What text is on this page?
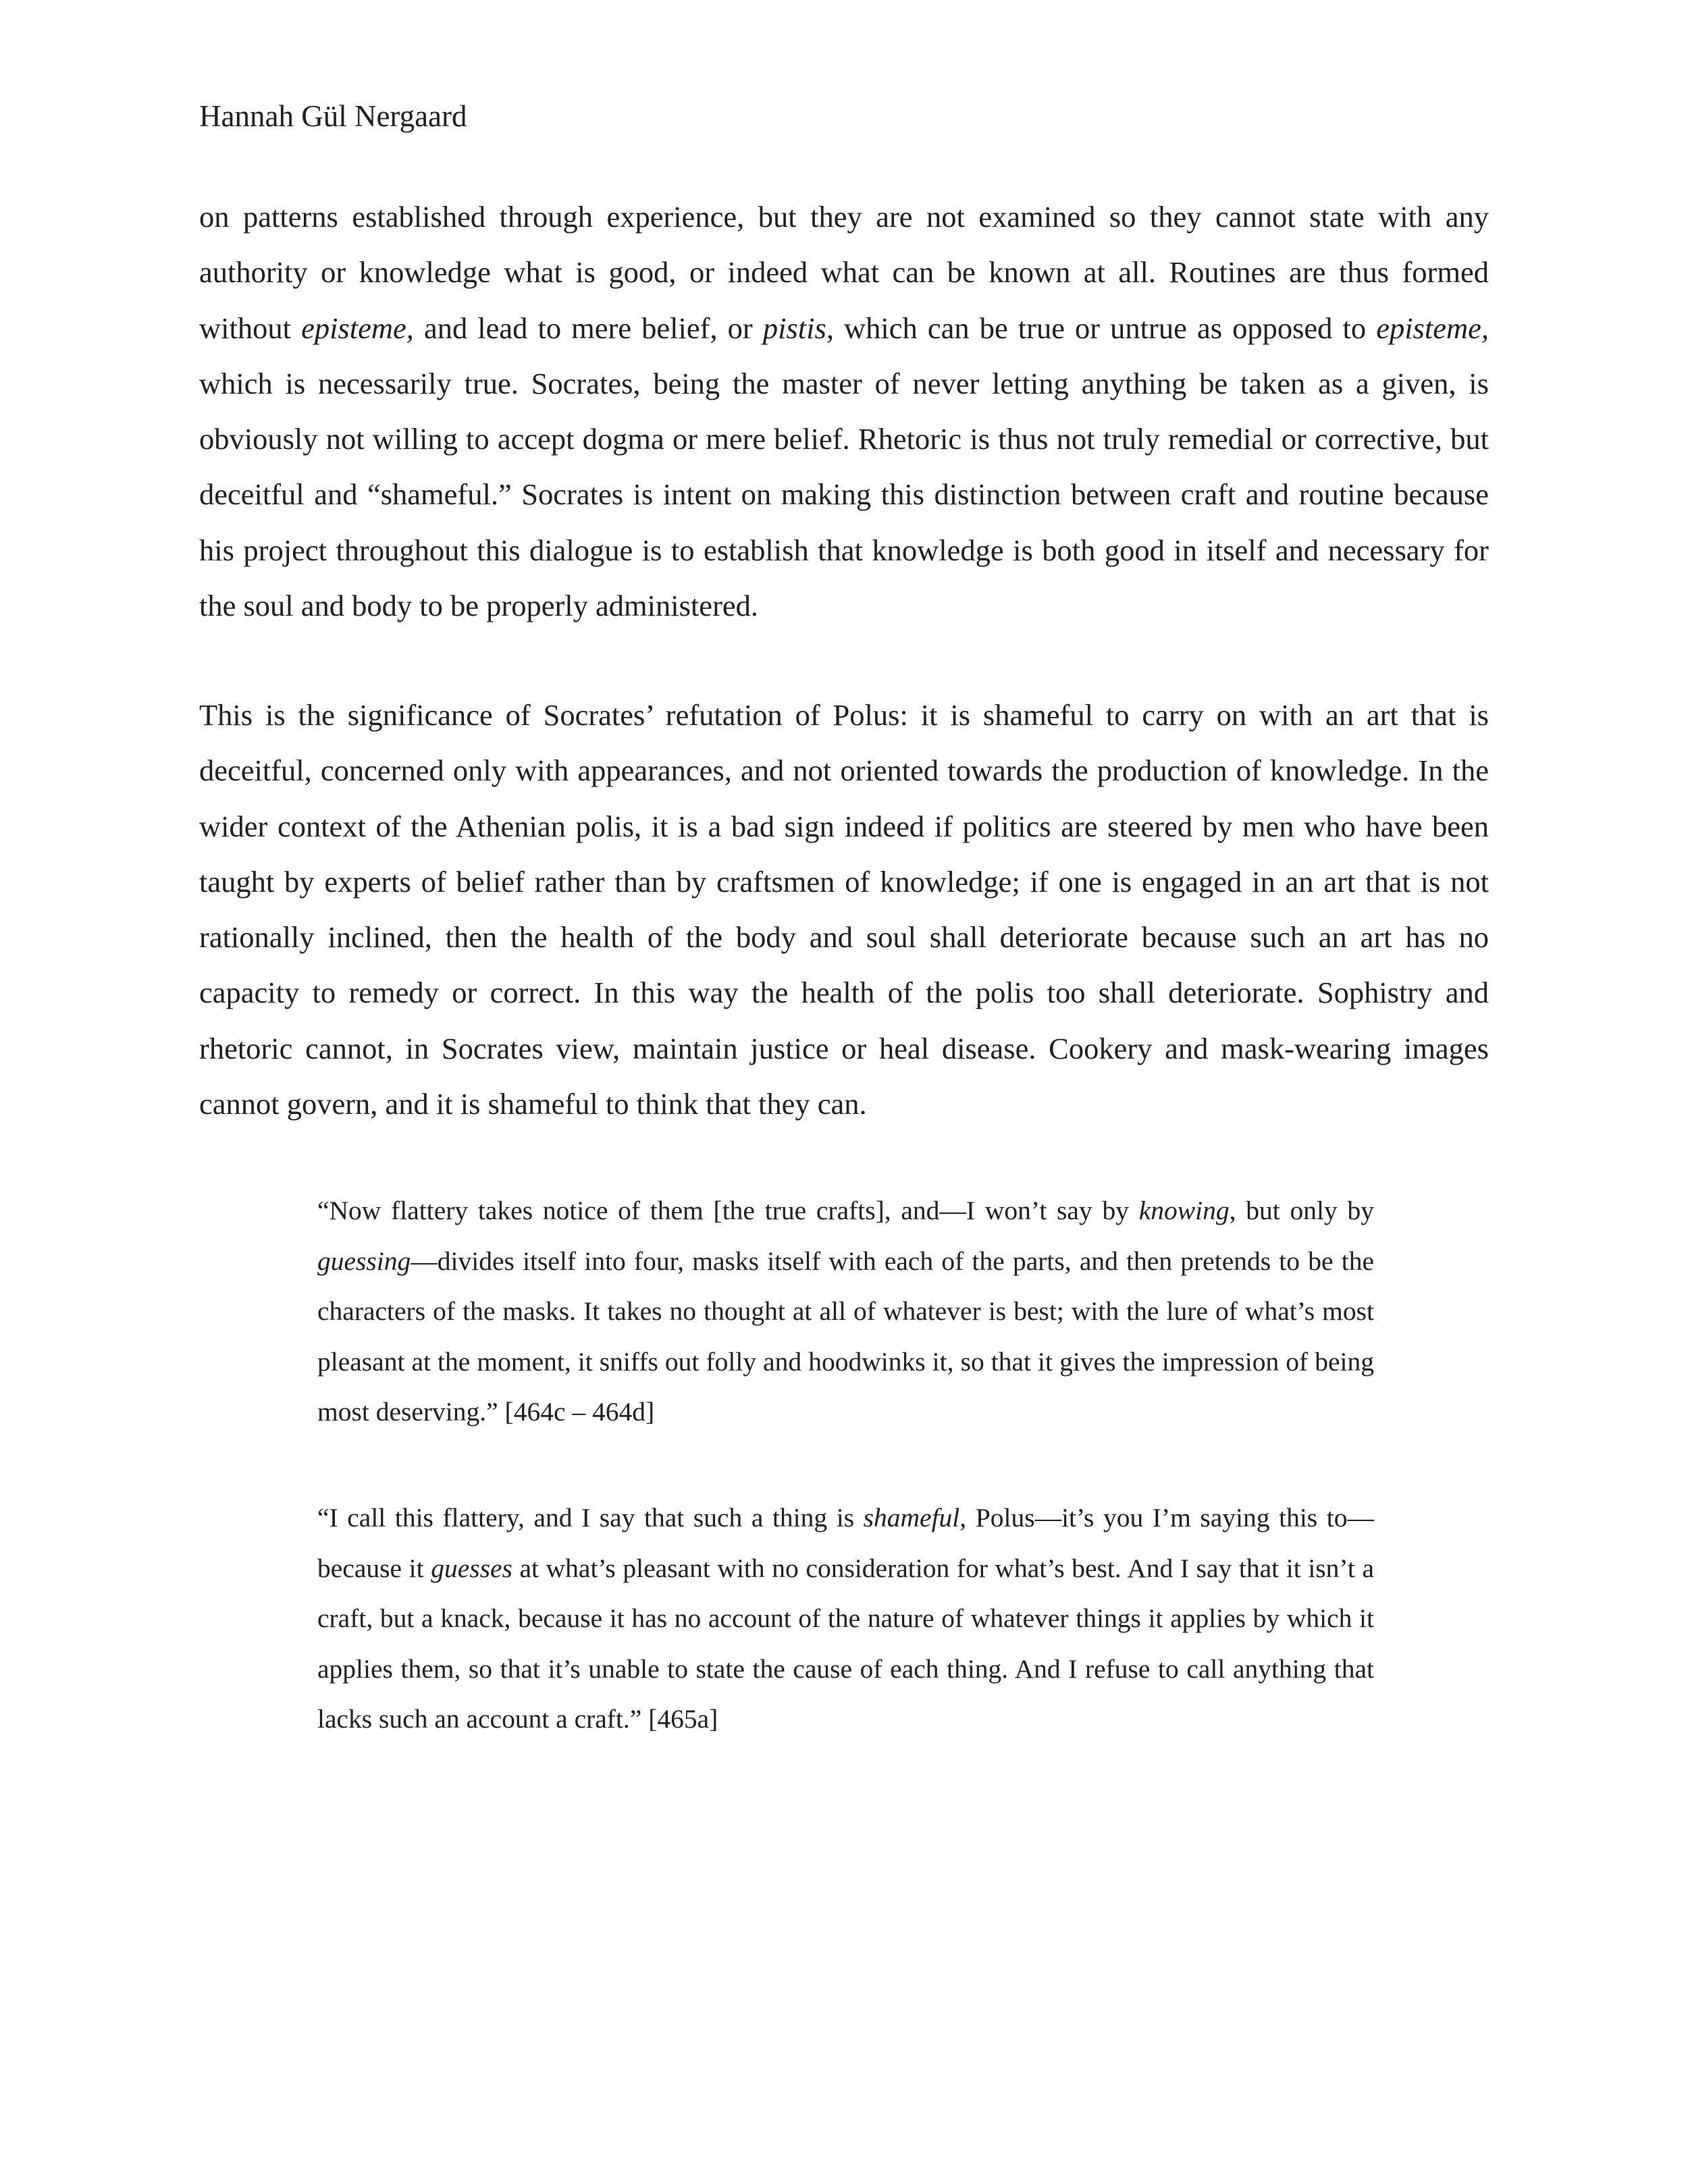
Hannah Gül Nergaard

on patterns established through experience, but they are not examined so they cannot state with any authority or knowledge what is good, or indeed what can be known at all. Routines are thus formed without episteme, and lead to mere belief, or pistis, which can be true or untrue as opposed to episteme, which is necessarily true. Socrates, being the master of never letting anything be taken as a given, is obviously not willing to accept dogma or mere belief. Rhetoric is thus not truly remedial or corrective, but deceitful and “shameful.” Socrates is intent on making this distinction between craft and routine because his project throughout this dialogue is to establish that knowledge is both good in itself and necessary for the soul and body to be properly administered.

This is the significance of Socrates’ refutation of Polus: it is shameful to carry on with an art that is deceitful, concerned only with appearances, and not oriented towards the production of knowledge. In the wider context of the Athenian polis, it is a bad sign indeed if politics are steered by men who have been taught by experts of belief rather than by craftsmen of knowledge; if one is engaged in an art that is not rationally inclined, then the health of the body and soul shall deteriorate because such an art has no capacity to remedy or correct. In this way the health of the polis too shall deteriorate. Sophistry and rhetoric cannot, in Socrates view, maintain justice or heal disease. Cookery and mask-wearing images cannot govern, and it is shameful to think that they can.

“Now flattery takes notice of them [the true crafts], and—I won’t say by knowing, but only by guessing—divides itself into four, masks itself with each of the parts, and then pretends to be the characters of the masks. It takes no thought at all of whatever is best; with the lure of what’s most pleasant at the moment, it sniffs out folly and hoodwinks it, so that it gives the impression of being most deserving.” [464c – 464d]

“I call this flattery, and I say that such a thing is shameful, Polus—it’s you I’m saying this to—because it guesses at what’s pleasant with no consideration for what’s best. And I say that it isn’t a craft, but a knack, because it has no account of the nature of whatever things it applies by which it applies them, so that it’s unable to state the cause of each thing. And I refuse to call anything that lacks such an account a craft.” [465a]
